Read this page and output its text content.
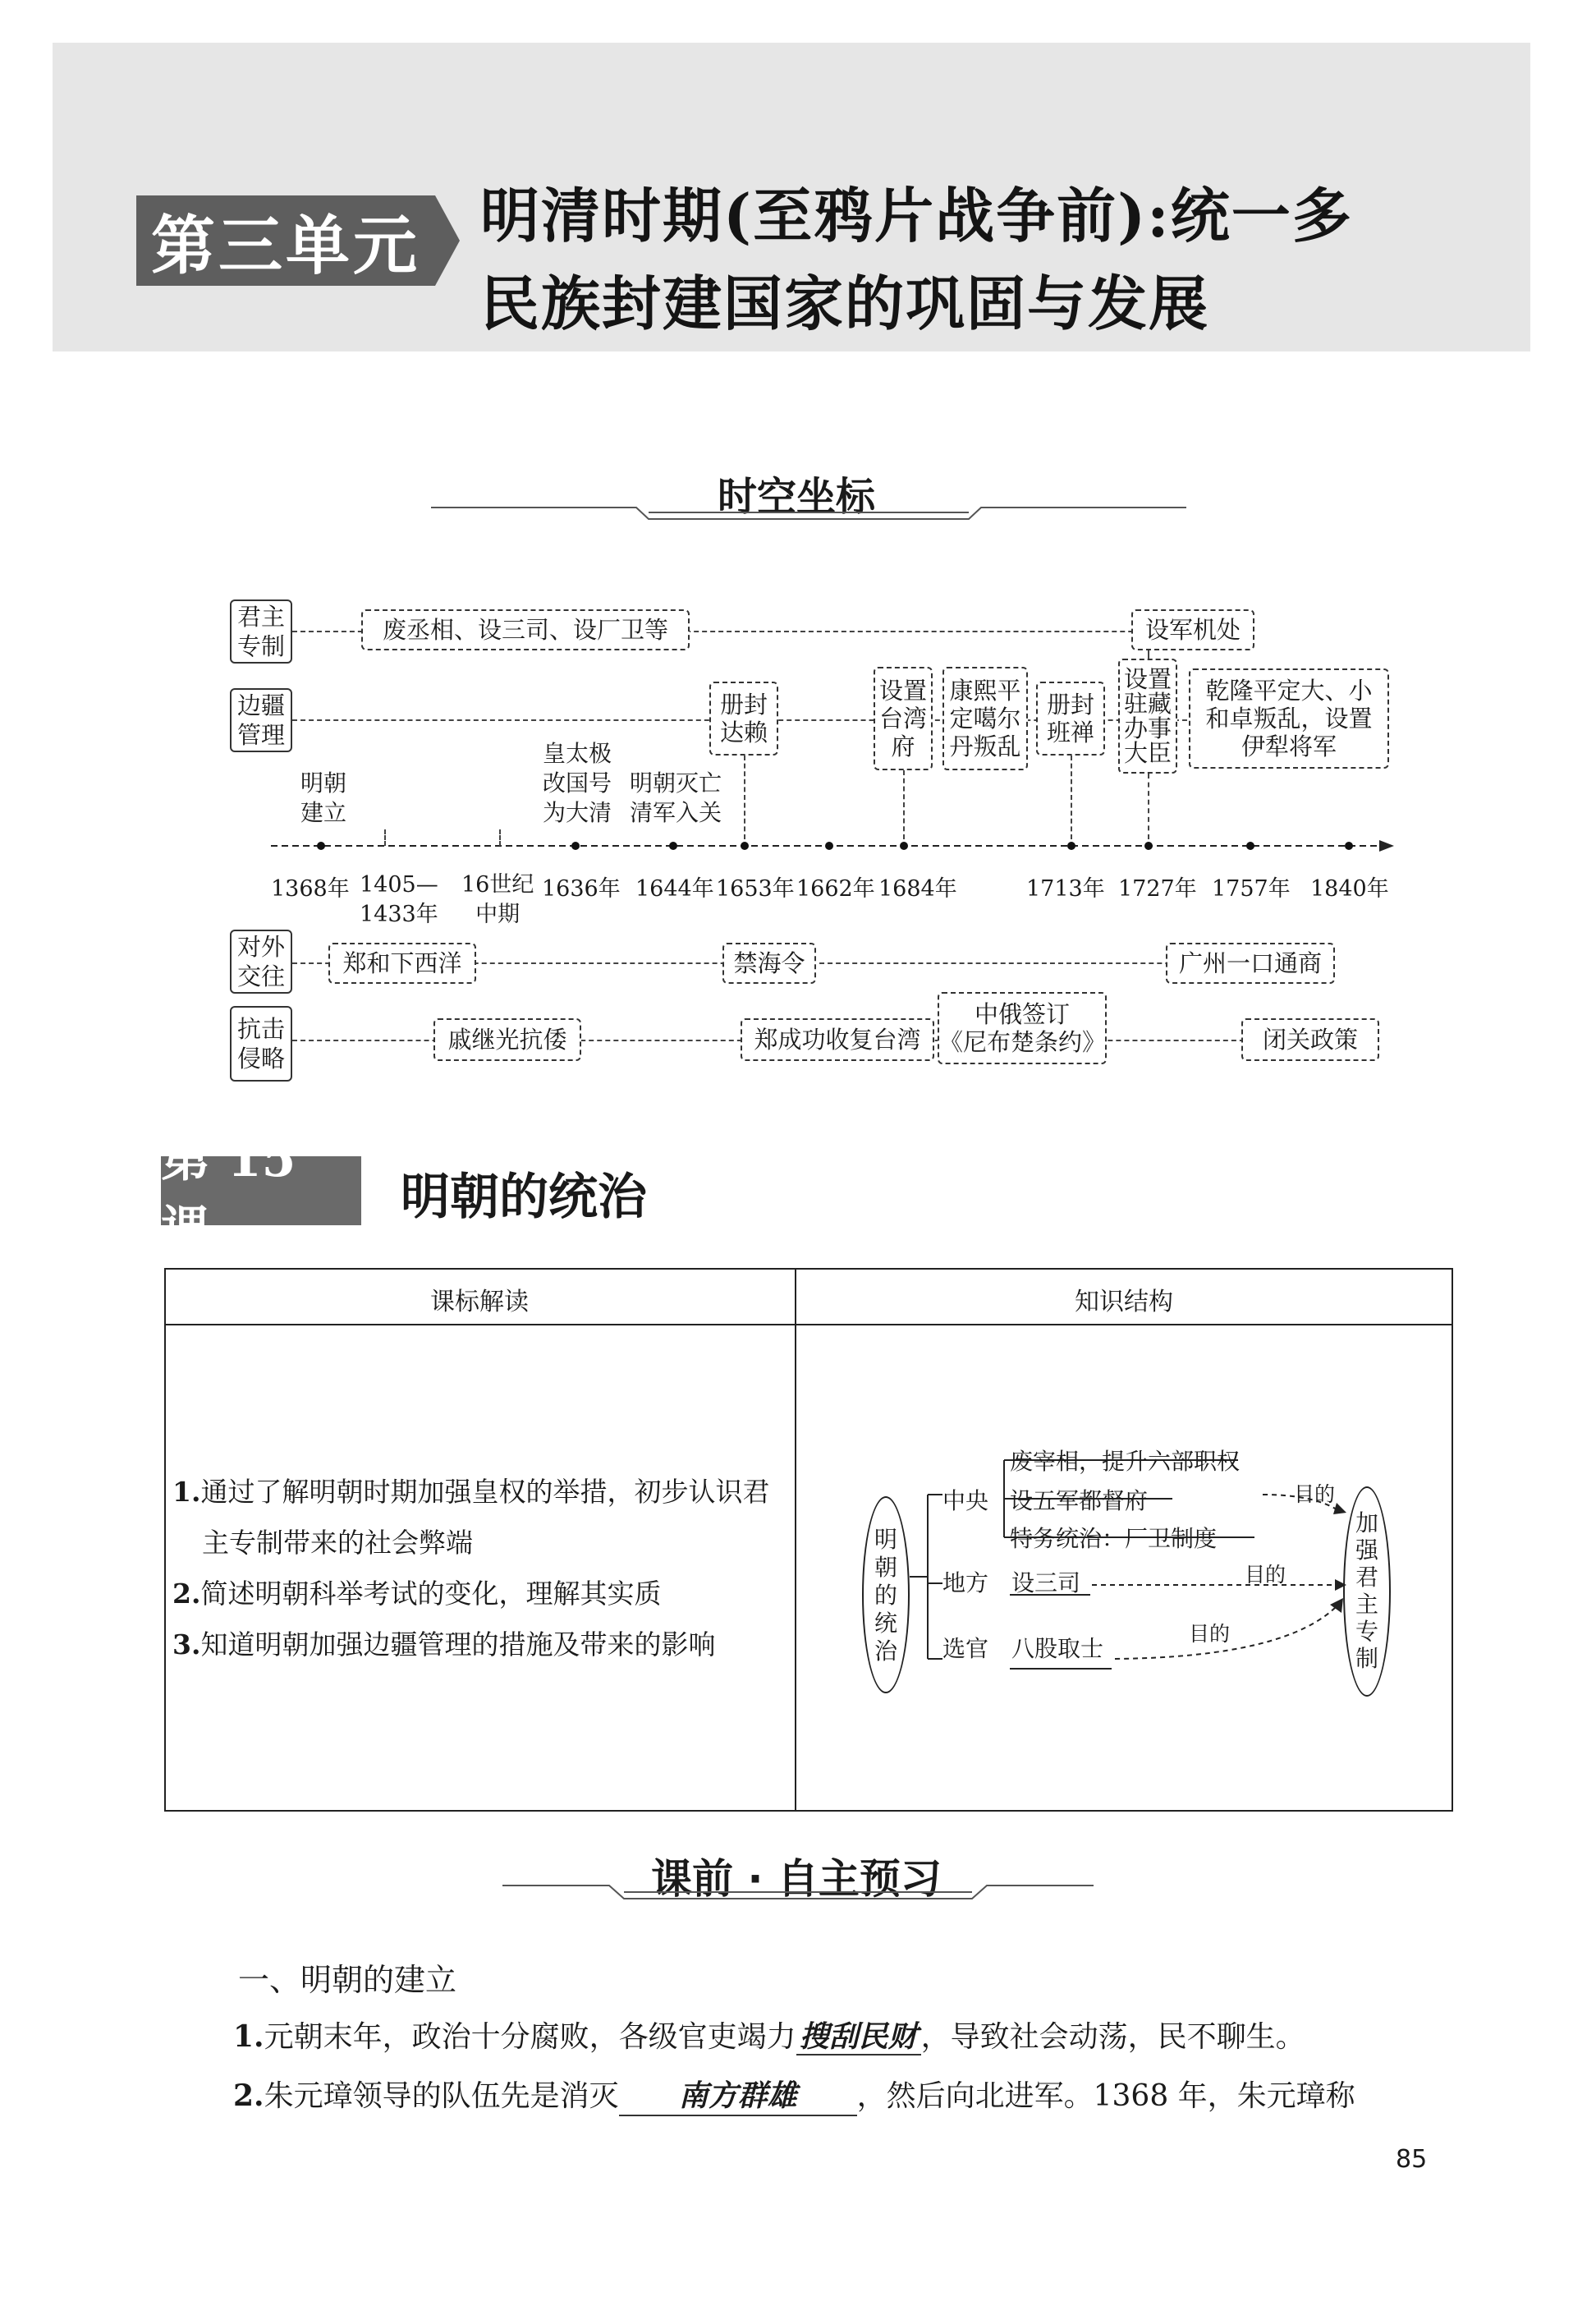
第三单元 明清时期(至鸦片战争前):统一多
民族封建国家的巩固与发展
时空坐标
君主
专制
边疆
管理
对外
交往
抗击
侵略
废丞相、设三司、设厂卫等	设军机处
册封
达赖
设置
台湾
府
康熙平
定噶尔
丹叛乱
册封
班禅
设置
驻藏
办事
大臣
乾隆平定大、小
和卓叛乱，设置
伊犁将军
明朝
建立
皇太极
改国号
为大清
明朝灭亡
清军入关
1368年 1405—
1433年
16世纪
中期
1636年 1644年 1653年 1662年 1684年	1713年 1727年 1757年 1840年
郑和下西洋	禁海令	广州一口通商
戚继光抗倭	郑成功收复台湾
中俄签订
《尼布楚条约》	闭关政策
第 15 课
明朝的统治
课标解读	知识结构
1.通过了解明朝时期加强皇权的举措，初步认识君
主专制带来的社会弊端
2.简述明朝科举考试的变化，理解其实质
3.知道明朝加强边疆管理的措施及带来的影响
明
朝
的
统
治
加
强
君
主
专
制
废宰相，提升六部职权
中央 设五军都督府
特务统治：厂卫制度
目的
地方 设三司	目的
选官 八股取士
目的
课前 · 自主预习
一、明朝的建立
1.元朝末年，政治十分腐败，各级官吏竭力 搜刮民财 ，导致社会动荡，民不聊生。
2.朱元璋领导的队伍先是消灭 南方群雄 ，然后向北进军。1368 年，朱元璋称
85
